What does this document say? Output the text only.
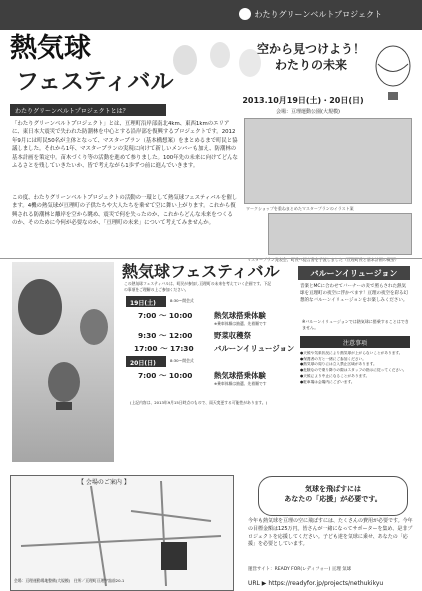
わたりグリーンベルトプロジェクト
熱気球
フェスティバル
空から見つけよう！
わたりの未来
2013.10月19日(土)・20日(日)
会場：亘理運動公園(大規模)
わたりグリーンベルトプロジェクトとは？
「わたりグリーンベルトプロジェクト」とは、亘理町沿岸部南北4km、東西1kmのエリアに、東日本大震災で失われた防潮林を中心とする沿岸部を復興するプロジェクトです。2012年9月には町民50名が主体となって、マスタープラン（基本構想案）をまとめるまで町民と協議しました。それから1年、マスタープランの実現に向けて新しいメンバーも加え、防潮林の基本計画を策定中。苗木づくり等の活動を進めて参りました。100年先の未来に向けてどんなふるさとを残していきたいか、皆で考えながら1歩ずつ前に進んでいきます。
この度、わたりグリーンベルトプロジェクトの活動の一環として熱気球フェスティバルを催します。4機の熱気球が亘理町の子供たちや大人たちを乗せて空に舞い上がります。これから復興される防潮林と離岸を空から眺め、震災で何を失ったのか、これからどんな未来をつくるのか、そのために今何が必要なのか、「亘理町の未来」について考えてみませんか。
ワークショップを重ねまとめたマスタープランのイラスト案
マスタープラン発表会、町長へ提言書を手渡しました（亘理町長と基本計画の概要）
熱気球フェスティバル
この熱気球フェスティバルは、町民が参加し亘理町の未来を考えていく企画です。下記の事項をご理解の上ご参加ください。
19日(土)	8:30〜開会式
7:00 〜 10:00	熱気球搭乗体験
※乗車体験は抽選、先着順です
9:30 〜 12:00	野菜収穫祭
17:00 〜 17:30	バルーンイリュージョン
20日(日)	8:30〜開会式
7:00 〜 10:00	熱気球搭乗体験
※乗車体験は抽選、先着順です
(上記内容は、2013年9月15日時点のもので、雨天変更する可能性があります。)
バルーンイリュージョン
音楽とMCに合わせてバーナーの炎で照らされた熱気球を亘理町の夜空に浮かべます！亘理の夜空を彩る幻想的なバルーンイリュージョンをお楽しみください。
※バルーンイリュージョンでは熱気球に搭乗することはできません。
注意事項
●天候や気象状況により熱気球が上がらないことがあります。
●保護者の方と一緒にご参加ください。
●熱気球の周りには立入禁止区域があります。
●危険なので乗り降りの際はスタッフの指示に従ってください。
●天候により中止になることがあります。
●駐車場は会場内にございます。
【 会場のご案内 】
会場：亘理運動場地整備(大規模)　住所／亘理町亘理字舘前20-1
気球を飛ばすには
あなたの「応援」が必要です。
今年も熱気球を亘理の空に飛ばすには、たくさんの費用が必要です。今年の目標金額は125万円。皆さんが一緒になってサポーターを集め、是非プロジェクトを応援してください。子ども達を気球に乗せ、あなたの「応援」を必要としています。
運営サイト：READY FOR(レディフォー) 亘理 気球
URL ▶ https://readyfor.jp/projects/nethukikyu
